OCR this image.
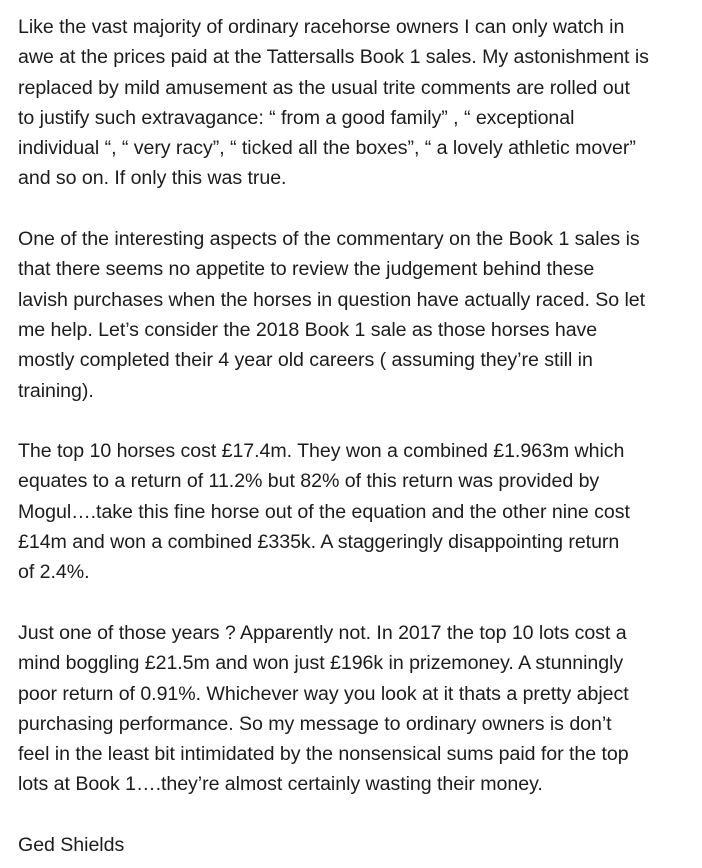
Like the vast majority of ordinary racehorse owners I can only watch in
awe at the prices paid at the Tattersalls Book 1 sales. My astonishment is
replaced by mild amusement as the usual trite comments are rolled out
to justify such extravagance: “ from a good family” , “ exceptional
individual “, “ very racy”, “ ticked all the boxes”, “ a lovely athletic mover”
and so on. If only this was true.

One of the interesting aspects of the commentary on the Book 1 sales is
that there seems no appetite to review the judgement behind these
lavish purchases when the horses in question have actually raced. So let
me help. Let’s consider the 2018 Book 1 sale as those horses have
mostly completed their 4 year old careers ( assuming they’re still in
training).

The top 10 horses cost £17.4m. They won a combined £1.963m which
equates to a return of 11.2% but 82% of this return was provided by
Mogul….take this fine horse out of the equation and the other nine cost
£14m and won a combined £335k. A staggeringly disappointing return
of 2.4%.

Just one of those years ? Apparently not. In 2017 the top 10 lots cost a
mind boggling £21.5m and won just £196k in prizemoney. A stunningly
poor return of 0.91%. Whichever way you look at it thats a pretty abject
purchasing performance. So my message to ordinary owners is don’t
feel in the least bit intimidated by the nonsensical sums paid for the top
lots at Book 1….they’re almost certainly wasting their money.

Ged Shields
